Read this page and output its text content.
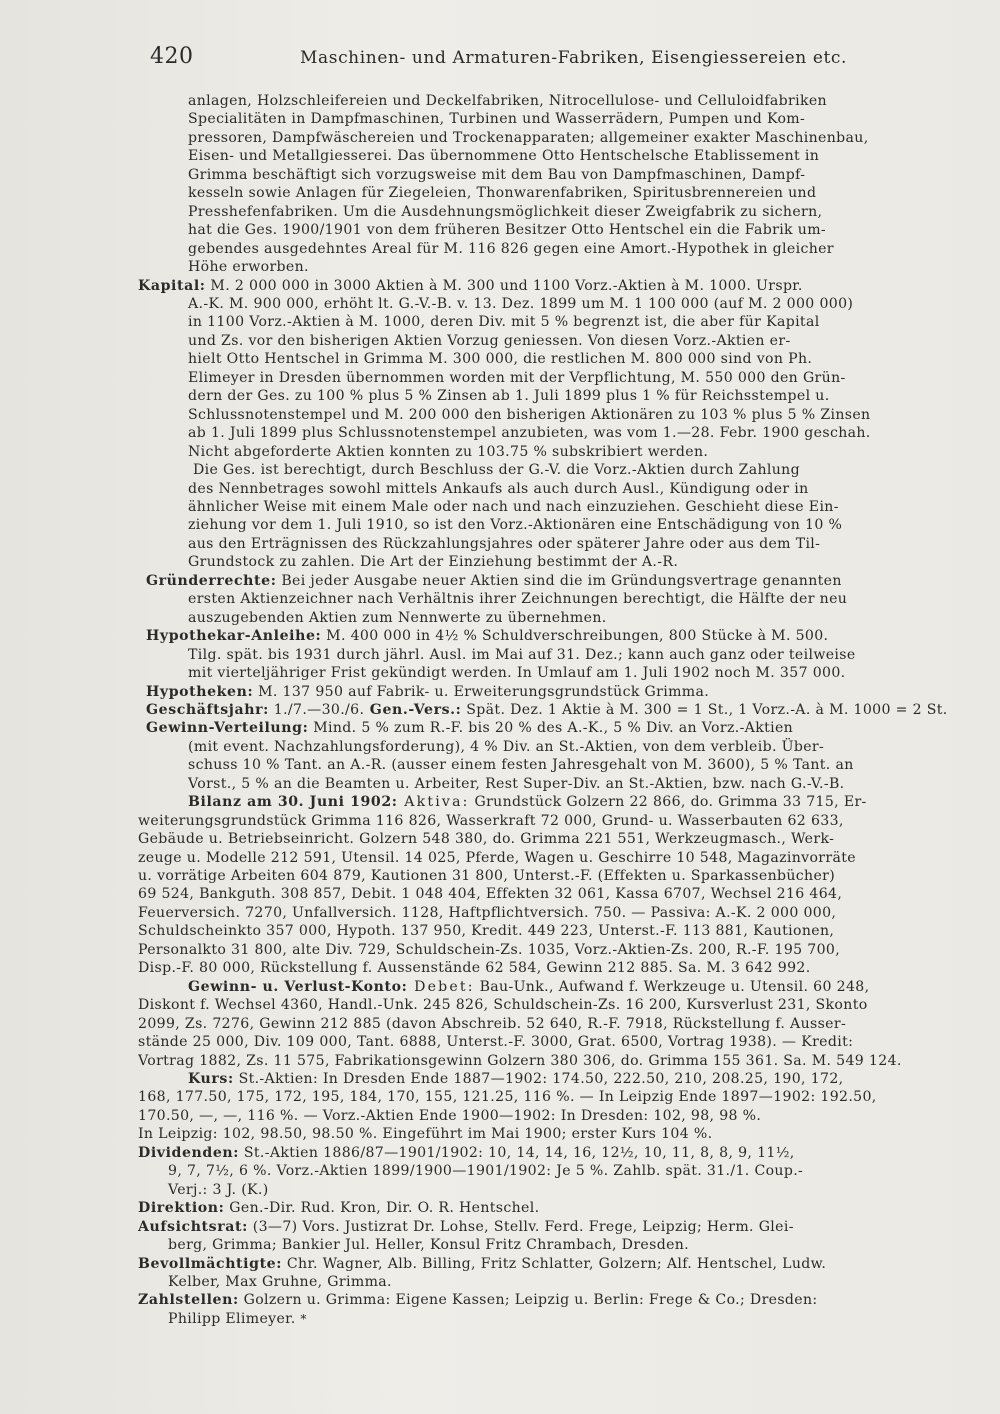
420	Maschinen- und Armaturen-Fabriken, Eisengiessereien etc.
anlagen, Holzschleifereien und Deckelfabriken, Nitrocellulose- und Celluloidfabriken
Specialitäten in Dampfmaschinen, Turbinen und Wasserrädern, Pumpen und Kom-
pressoren, Dampfwäschereien und Trockenapparaten; allgemeiner exakter Maschinenbau,
Eisen- und Metallgiesserei. Das übernommene Otto Hentschelsche Etablissement in
Grimma beschäftigt sich vorzugsweise mit dem Bau von Dampfmaschinen, Dampf-
kesseln sowie Anlagen für Ziegeleien, Thonwarenfabriken, Spiritusbrennereien und
Presshefenfabriken. Um die Ausdehnungsmöglichkeit dieser Zweigfabrik zu sichern,
hat die Ges. 1900/1901 von dem früheren Besitzer Otto Hentschel ein die Fabrik um-
gebendes ausgedehntes Areal für M. 116 826 gegen eine Amort.-Hypothek in gleicher
Höhe erworben.
Kapital: M. 2 000 000 in 3000 Aktien à M. 300 und 1100 Vorz.-Aktien à M. 1000. Urspr.
A.-K. M. 900 000, erhöht lt. G.-V.-B. v. 13. Dez. 1899 um M. 1 100 000 (auf M. 2 000 000)
in 1100 Vorz.-Aktien à M. 1000, deren Div. mit 5 % begrenzt ist, die aber für Kapital
und Zs. vor den bisherigen Aktien Vorzug geniessen. Von diesen Vorz.-Aktien er-
hielt Otto Hentschel in Grimma M. 300 000, die restlichen M. 800 000 sind von Ph.
Elimeyer in Dresden übernommen worden mit der Verpflichtung, M. 550 000 den Grün-
dern der Ges. zu 100 % plus 5 % Zinsen ab 1. Juli 1899 plus 1 % für Reichsstempel u.
Schlussnotenstempel und M. 200 000 den bisherigen Aktionären zu 103 % plus 5 % Zinsen
ab 1. Juli 1899 plus Schlussnotenstempel anzubieten, was vom 1.—28. Febr. 1900 geschah.
Nicht abgeforderte Aktien konnten zu 103.75 % subskribiert werden.
Die Ges. ist berechtigt, durch Beschluss der G.-V. die Vorz.-Aktien durch Zahlung
des Nennbetrages sowohl mittels Ankaufs als auch durch Ausl., Kündigung oder in
ähnlicher Weise mit einem Male oder nach und nach einzuziehen. Geschieht diese Ein-
ziehung vor dem 1. Juli 1910, so ist den Vorz.-Aktionären eine Entschädigung von 10 %
aus den Erträgnissen des Rückzahlungsjahres oder späterer Jahre oder aus dem Til-
Grundstock zu zahlen. Die Art der Einziehung bestimmt der A.-R.
Gründerrechte: Bei jeder Ausgabe neuer Aktien sind die im Gründungsvertrage genannten
ersten Aktienzeichner nach Verhältnis ihrer Zeichnungen berechtigt, die Hälfte der neu
auszugebenden Aktien zum Nennwerte zu übernehmen.
Hypothekar-Anleihe: M. 400 000 in 4½ % Schuldverschreibungen, 800 Stücke à M. 500.
Tilg. spät. bis 1931 durch jährl. Ausl. im Mai auf 31. Dez.; kann auch ganz oder teilweise
mit vierteljähriger Frist gekündigt werden. In Umlauf am 1. Juli 1902 noch M. 357 000.
Hypotheken: M. 137 950 auf Fabrik- u. Erweiterungsgrundstück Grimma.
Geschäftsjahr: 1./7.—30./6. Gen.-Vers.: Spät. Dez. 1 Aktie à M. 300 = 1 St., 1 Vorz.-A. à M. 1000 = 2 St.
Gewinn-Verteilung: Mind. 5 % zum R.-F. bis 20 % des A.-K., 5 % Div. an Vorz.-Aktien
(mit event. Nachzahlungsforderung), 4 % Div. an St.-Aktien, von dem verbleib. Über-
schuss 10 % Tant. an A.-R. (ausser einem festen Jahresgehalt von M. 3600), 5 % Tant. an
Vorst., 5 % an die Beamten u. Arbeiter, Rest Super-Div. an St.-Aktien, bzw. nach G.-V.-B.
Bilanz am 30. Juni 1902: Aktiva: Grundstück Golzern 22 866, do. Grimma 33 715, Er-
weiterungsgrundstück Grimma 116 826, Wasserkraft 72 000, Grund- u. Wasserbauten 62 633,
Gebäude u. Betriebseinricht. Golzern 548 380, do. Grimma 221 551, Werkzeugmasch., Werk-
zeuge u. Modelle 212 591, Utensil. 14 025, Pferde, Wagen u. Geschirre 10 548, Magazinvorräte
u. vorrätige Arbeiten 604 879, Kautionen 31 800, Unterst.-F. (Effekten u. Sparkassenbücher)
69 524, Bankguth. 308 857, Debit. 1 048 404, Effekten 32 061, Kassa 6707, Wechsel 216 464,
Feuerversich. 7270, Unfallversich. 1128, Haftpflichtversich. 750. — Passiva: A.-K. 2 000 000,
Schuldscheinkto 357 000, Hypoth. 137 950, Kredit. 449 223, Unterst.-F. 113 881, Kautionen,
Personalkto 31 800, alte Div. 729, Schuldschein-Zs. 1035, Vorz.-Aktien-Zs. 200, R.-F. 195 700,
Disp.-F. 80 000, Rückstellung f. Aussenstände 62 584, Gewinn 212 885. Sa. M. 3 642 992.
Gewinn- u. Verlust-Konto: Debet: Bau-Unk., Aufwand f. Werkzeuge u. Utensil. 60 248,
Diskont f. Wechsel 4360, Handl.-Unk. 245 826, Schuldschein-Zs. 16 200, Kursverlust 231, Skonto
2099, Zs. 7276, Gewinn 212 885 (davon Abschreib. 52 640, R.-F. 7918, Rückstellung f. Ausser-
stände 25 000, Div. 109 000, Tant. 6888, Unterst.-F. 3000, Grat. 6500, Vortrag 1938). — Kredit:
Vortrag 1882, Zs. 11 575, Fabrikationsgewinn Golzern 380 306, do. Grimma 155 361. Sa. M. 549 124.
Kurs: St.-Aktien: In Dresden Ende 1887—1902: 174.50, 222.50, 210, 208.25, 190, 172,
168, 177.50, 175, 172, 195, 184, 170, 155, 121.25, 116 %. — In Leipzig Ende 1897—1902: 192.50,
170.50, —, —, 116 %. — Vorz.-Aktien Ende 1900—1902: In Dresden: 102, 98, 98 %.
In Leipzig: 102, 98.50, 98.50 %. Eingeführt im Mai 1900; erster Kurs 104 %.
Dividenden: St.-Aktien 1886/87—1901/1902: 10, 14, 14, 16, 12½, 10, 11, 8, 8, 9, 11½,
9, 7, 7½, 6 %. Vorz.-Aktien 1899/1900—1901/1902: Je 5 %. Zahlb. spät. 31./1. Coup.-
Verj.: 3 J. (K.)
Direktion: Gen.-Dir. Rud. Kron, Dir. O. R. Hentschel.
Aufsichtsrat: (3—7) Vors. Justizrat Dr. Lohse, Stellv. Ferd. Frege, Leipzig; Herm. Glei-
berg, Grimma; Bankier Jul. Heller, Konsul Fritz Chrambach, Dresden.
Bevollmächtigte: Chr. Wagner, Alb. Billing, Fritz Schlatter, Golzern; Alf. Hentschel, Ludw.
Kelber, Max Gruhne, Grimma.
Zahlstellen: Golzern u. Grimma: Eigene Kassen; Leipzig u. Berlin: Frege & Co.; Dresden:
Philipp Elimeyer. *
